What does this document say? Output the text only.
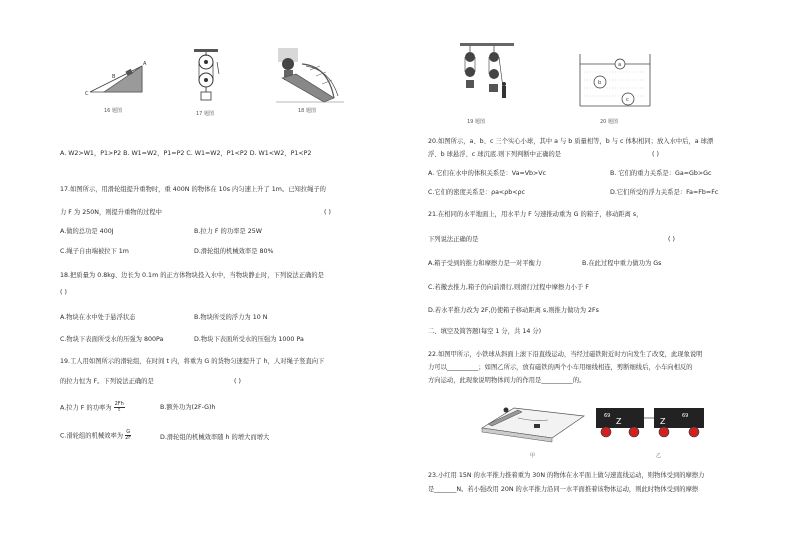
B
C
A
16 题图	17 题图	18 题图
A. W2>W1，P1>P2 B. W1=W2，P1=P2 C. W1=W2，P1<P2 D. W1<W2，P1<P2
17.如图所示，用滑轮组提升重物时，重 400N 的物体在 10s 内匀速上升了 1m。已知拉绳子的
力 F 为 250N，则提升重物的过程中	( )
A.做的总功是 400J	B.拉力 F 的功率是 25W
C.绳子自由端被拉下 1m	D.滑轮组的机械效率是 80%
18.把质量为 0.8kg、边长为 0.1m 的正方体物块投入水中，当物块静止时，下列说法正确的是
( )
A.物块在水中处于悬浮状态	B.物块所受的浮力为 10 N
C.物块下表面所受水的压强为 800Pa	D.物块下表面所受水的压强为 1000 Pa
19.工人用如图所示的滑轮组，在时间 t 内，将重为 G 的货物匀速提升了 h，人对绳子竖直向下
的拉力恒为 F。下列说法正确的是	( )
A.拉力 F 的功率为 $\frac{2Fh}{t}$	B.额外功为(2F-G)h
C.滑轮组的机械效率为 $\frac{G}{2F}$	D.滑轮组的机械效率随 h 的增大而增大
19 题图
a
b
c
20 题图
20.如图所示，a、b、c 三个实心小球，其中 a 与 b 质量相等，b 与 c 体积相同；放入水中后，a 球漂
浮、b 球悬浮、c 球沉底.则下列判断中正确的是	( )
A. 它们在水中的体积关系是：Va=Vb>Vc	B. 它们的重力关系是：Ga=Gb>Gc
C.它们的密度关系是：ρa<ρb<ρc	D.它们所受的浮力关系是：Fa=Fb=Fc
21.在相同的水平地面上，用水平力 F 匀速推动重为 G 的箱子，移动距离 s，
下列说法正确的是	( )
A.箱子受到的推力和摩擦力是一对平衡力	B.在此过程中重力做功为 Gs
C.若撤去推力,箱子仍向前滑行,则滑行过程中摩擦力小于 F
D.若水平推力改为 2F,仍使箱子移动距离 s,则推力做功为 2Fs
二、填空及简答题(每空 1 分，共 14 分)
22.如图甲所示，小铁球从斜面上滚下沿直线运动，当经过磁铁附近时方向发生了改变，此现象说明
力可以__________；如图乙所示，放有磁铁的两个小车用细线相连，剪断细线后，小车向相反的
方向运动，此现象说明物体间力的作用是__________的。
甲
69
Z	Z
69
乙
23.小红用 15N 的水平推力推着重为 30N 的物体在水平面上做匀速直线运动，则物体受到的摩擦力
是_______N。若小强改用 20N 的水平推力沿同一水平面推着该物体运动，则此时物体受到的摩擦
